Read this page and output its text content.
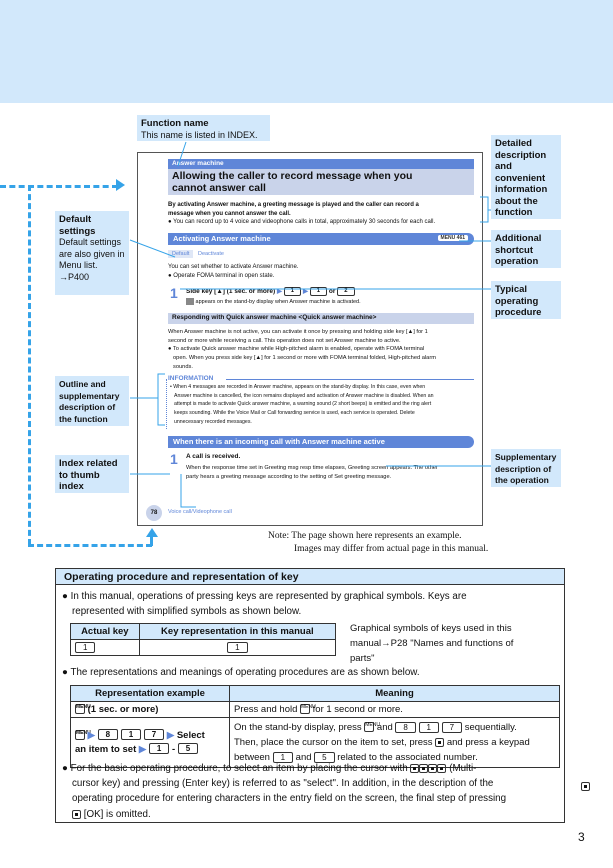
Answer machine
Allowing the caller to record message when you
cannot answer call
By activating Answer machine, a greeting message is played and the caller can record a
message when you cannot answer the call.
● You can record up to 4 voice and videophone calls in total, approximately 30 seconds for each call.
Activating Answer machine	MENU 461
Default Deactivate
You can set whether to activate Answer machine.
● Operate FOMA terminal in open state.
1 Side key [▲] (1 sec. or more) ▶ 1 ▶ 1 or 2
appears on the stand-by display when Answer machine is activated.
Responding with Quick answer machine <Quick answer machine>
When Answer machine is not active, you can activate it once by pressing and holding side key [▲] for 1
second or more while receiving a call. This operation does not set Answer machine to active.
● To activate Quick answer machine while High-pitched alarm is enabled, operate with FOMA terminal
open. When you press side key [▲] for 1 second or more with FOMA terminal folded, High-pitched alarm
sounds.
INFORMATION
• When 4 messages are recorded in Answer machine, appears on the stand-by display. In this case, even when
Answer machine is cancelled, the icon remains displayed and activation of Answer machine is disabled. When an
attempt is made to activate Quick answer machine, a warning sound (2 short beeps) is emitted and the ring alert
keeps sounding. While the Voice Mail or Call forwarding service is used, each service is operated. Delete
unnecessary recorded messages.
When there is an incoming call with Answer machine active
1 A call is received.
When the response time set in Greeting msg resp time elapses, Greeting screen appears. The other
party hears a greeting message according to the setting of Set greeting message.
78	Voice call/Videophone call
Function name
This name is listed in INDEX.
Detailed description and convenient information about the function
Default settings
Default settings are also given in Menu list.
→P400
Additional shortcut operation
Typical operating procedure
Outline and supplementary description of the function
Index related to thumb index
Supplementary description of the operation
Note: The page shown here represents an example.
Images may differ from actual page in this manual.
Operating procedure and representation of key
● In this manual, operations of pressing keys are represented by graphical symbols. Keys are
represented with simplified symbols as shown below.
Actual key	Key representation in this manual
1	1
Graphical symbols of keys used in this
manual→P28 "Names and functions of
parts"
● The representations and meanings of operating procedures are as shown below.
Representation example	Meaning
MENU (1 sec. or more)	Press and hold MENU for 1 second or more.
MENU ▶ 8 1 7 ▶ Select
an item to set ▶ 1 - 5	On the stand-by display, press MENU and 8 1 7 sequentially.
Then, place the cursor on the item to set, press and press a keypad
between 1 and 5 related to the associated number.
● For the basic operating procedure, to select an item by placing the cursor with	(Multi-
cursor key) and pressing (Enter key) is referred to as "select". In addition, in the description of the
operating procedure for entering characters in the entry field on the screen, the final step of pressing
[OK] is omitted.
3
